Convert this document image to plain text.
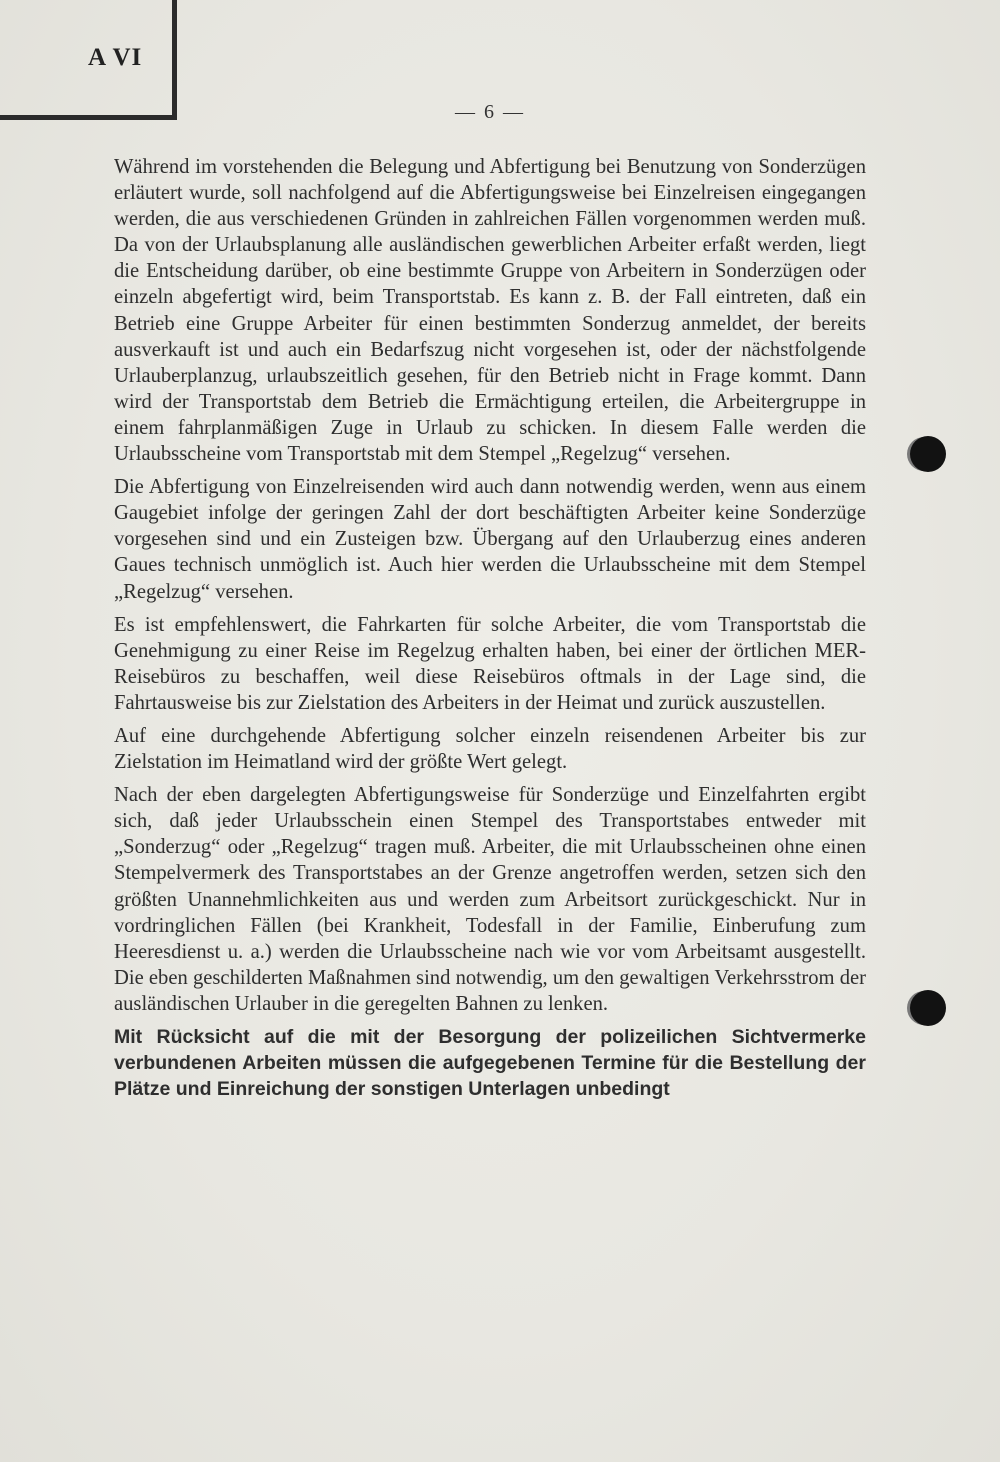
A VI
— 6 —

Während im vorstehenden die Belegung und Abfertigung bei Benutzung von Sonderzügen erläutert wurde, soll nachfolgend auf die Abfertigungsweise bei Einzelreisen eingegangen werden, die aus verschiedenen Gründen in zahlreichen Fällen vorgenommen werden muß. Da von der Urlaubsplanung alle ausländischen gewerblichen Arbeiter erfaßt werden, liegt die Entscheidung darüber, ob eine bestimmte Gruppe von Arbeitern in Sonderzügen oder einzeln abgefertigt wird, beim Transportstab. Es kann z. B. der Fall eintreten, daß ein Betrieb eine Gruppe Arbeiter für einen bestimmten Sonderzug anmeldet, der bereits ausverkauft ist und auch ein Bedarfszug nicht vorgesehen ist, oder der nächstfolgende Urlauberplanzug, urlaubszeitlich gesehen, für den Betrieb nicht in Frage kommt. Dann wird der Transportstab dem Betrieb die Ermächtigung erteilen, die Arbeitergruppe in einem fahrplanmäßigen Zuge in Urlaub zu schicken. In diesem Falle werden die Urlaubsscheine vom Transportstab mit dem Stempel „Regelzug“ versehen.

Die Abfertigung von Einzelreisenden wird auch dann notwendig werden, wenn aus einem Gaugebiet infolge der geringen Zahl der dort beschäftigten Arbeiter keine Sonderzüge vorgesehen sind und ein Zusteigen bzw. Übergang auf den Urlauberzug eines anderen Gaues technisch unmöglich ist. Auch hier werden die Urlaubsscheine mit dem Stempel „Regelzug“ versehen.

Es ist empfehlenswert, die Fahrkarten für solche Arbeiter, die vom Transportstab die Genehmigung zu einer Reise im Regelzug erhalten haben, bei einer der örtlichen MER-Reisebüros zu beschaffen, weil diese Reisebüros oftmals in der Lage sind, die Fahrtausweise bis zur Zielstation des Arbeiters in der Heimat und zurück auszustellen.

Auf eine durchgehende Abfertigung solcher einzeln reisendenen Arbeiter bis zur Zielstation im Heimatland wird der größte Wert gelegt.

Nach der eben dargelegten Abfertigungsweise für Sonderzüge und Einzelfahrten ergibt sich, daß jeder Urlaubsschein einen Stempel des Transportstabes entweder mit „Sonderzug“ oder „Regelzug“ tragen muß. Arbeiter, die mit Urlaubsscheinen ohne einen Stempelvermerk des Transportstabes an der Grenze angetroffen werden, setzen sich den größten Unannehmlichkeiten aus und werden zum Arbeitsort zurückgeschickt. Nur in vordringlichen Fällen (bei Krankheit, Todesfall in der Familie, Einberufung zum Heeresdienst u. a.) werden die Urlaubsscheine nach wie vor vom Arbeitsamt ausgestellt. Die eben geschilderten Maßnahmen sind notwendig, um den gewaltigen Verkehrsstrom der ausländischen Urlauber in die geregelten Bahnen zu lenken.

Mit Rücksicht auf die mit der Besorgung der polizeilichen Sichtvermerke verbundenen Arbeiten müssen die aufgegebenen Termine für die Bestellung der Plätze und Einreichung der sonstigen Unterlagen unbedingt
